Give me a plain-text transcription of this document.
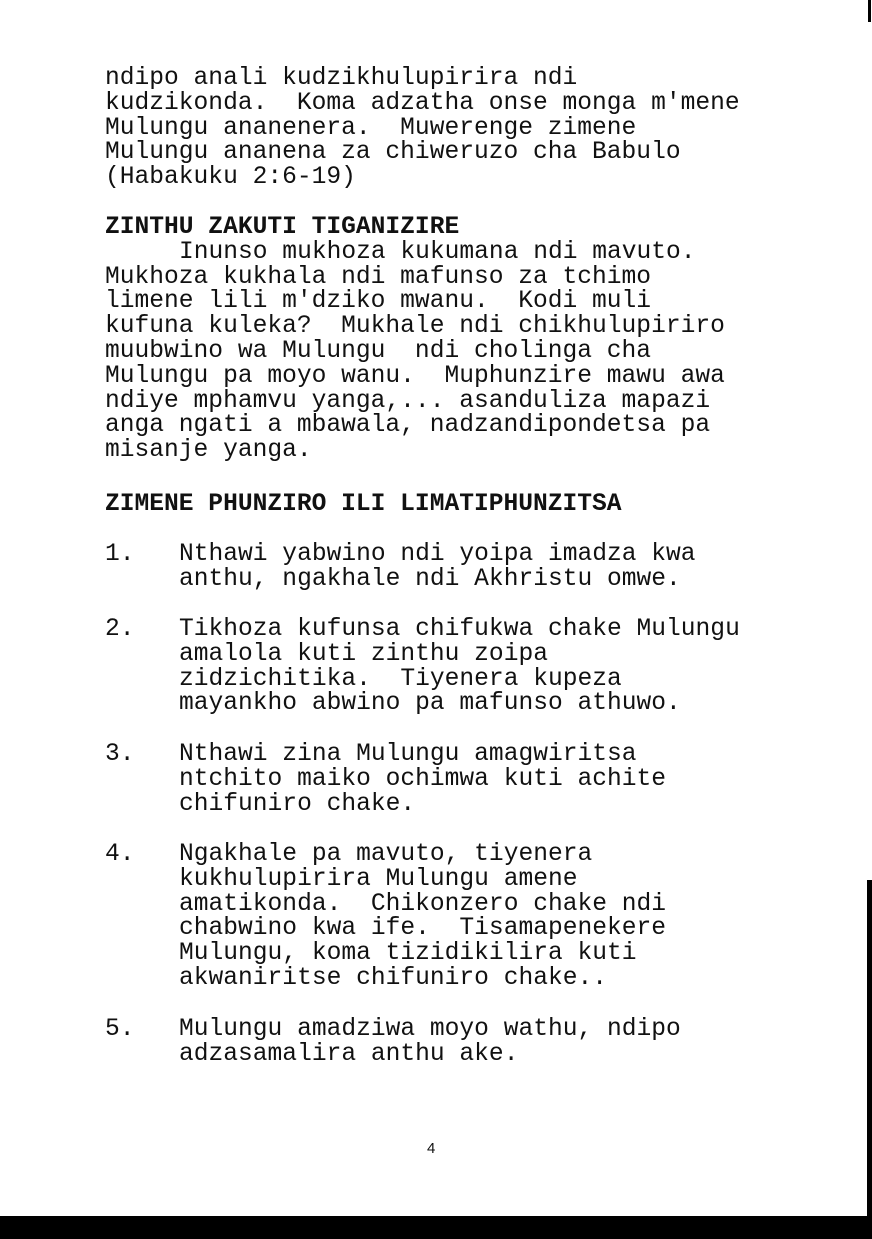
ndipo anali kudzikhulupirira ndi
kudzikonda.  Koma adzatha onse monga m'mene
Mulungu ananenera.  Muwerenge zimene
Mulungu ananena za chiweruzo cha Babulo
(Habakuku 2:6-19)
ZINTHU ZAKUTI TIGANIZIRE
Inunso mukhoza kukumana ndi mavuto.
Mukhoza kukhala ndi mafunso za tchimo
limene lili m'dziko mwanu.  Kodi muli
kufuna kuleka?  Mukhale ndi chikhulupiriro
muubwino wa Mulungu  ndi cholinga cha
Mulungu pa moyo wanu.  Muphunzire mawu awa
ndiye mphamvu yanga,... asanduliza mapazi
anga ngati a mbawala, nadzandipondetsa pa
misanje yanga.
ZIMENE PHUNZIRO ILI LIMATIPHUNZITSA
1. Nthawi yabwino ndi yoipa imadza kwa
anthu, ngakhale ndi Akhristu omwe.
2. Tikhoza kufunsa chifukwa chake Mulungu
amalola kuti zinthu zoipa
zidzichitika.  Tiyenera kupeza
mayankho abwino pa mafunso athuwo.
3. Nthawi zina Mulungu amagwiritsa
ntchito maiko ochimwa kuti achite
chifuniro chake.
4. Ngakhale pa mavuto, tiyenera
kukhulupirira Mulungu amene
amatikonda.  Chikonzero chake ndi
chabwino kwa ife.  Tisamapenekere
Mulungu, koma tizidikilira kuti
akwaniritse chifuniro chake..
5. Mulungu amadziwa moyo wathu, ndipo
adzasamalira anthu ake.
4
